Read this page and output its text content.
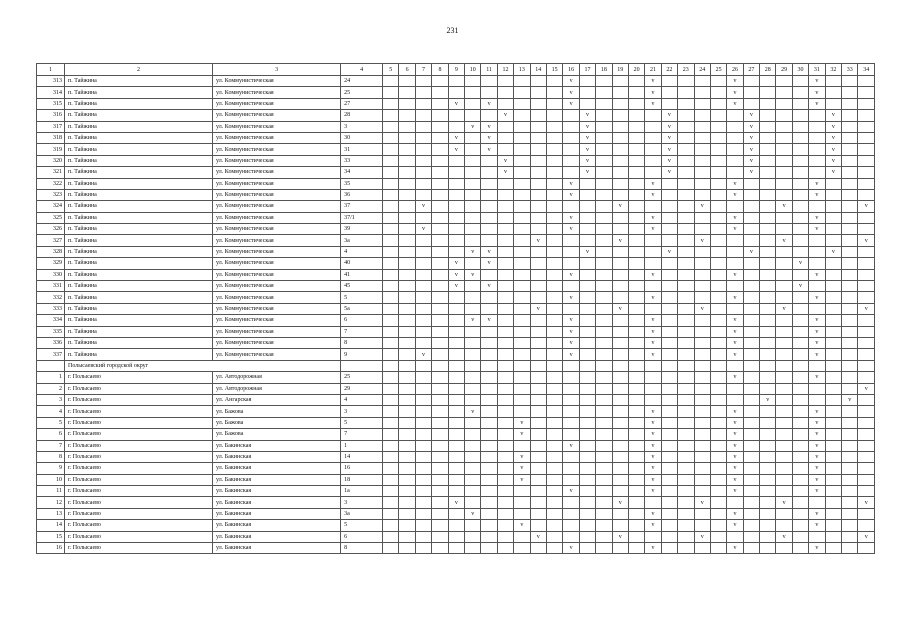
231
1	2	3	4	5	6	7	8	9	10	11	12	13	14	15	16	17	18	19	20	21	22	23	24	25	26	27	28	29	30	31	32	33	34
313	п. Тайжина	ул. Коммунистическая	24												v					v					v					v			
314	п. Тайжина	ул. Коммунистическая	25												v					v					v					v			
315	п. Тайжина	ул. Коммунистическая	27					v		v					v					v					v					v			
316	п. Тайжина	ул. Коммунистическая	28								v					v					v					v					v		
317	п. Тайжина	ул. Коммунистическая	3						v	v						v					v					v					v		
318	п. Тайжина	ул. Коммунистическая	30					v		v						v					v					v					v		
319	п. Тайжина	ул. Коммунистическая	31					v		v						v					v					v					v		
320	п. Тайжина	ул. Коммунистическая	33								v					v					v					v					v		
321	п. Тайжина	ул. Коммунистическая	34								v					v					v					v					v		
322	п. Тайжина	ул. Коммунистическая	35												v					v					v					v			
323	п. Тайжина	ул. Коммунистическая	36												v					v					v					v			
324	п. Тайжина	ул. Коммунистическая	37			v												v					v					v					v
325	п. Тайжина	ул. Коммунистическая	37/1												v					v					v					v			
326	п. Тайжина	ул. Коммунистическая	39			v									v					v					v					v			
327	п. Тайжина	ул. Коммунистическая	3а										v					v					v					v					v
328	п. Тайжина	ул. Коммунистическая	4						v	v						v					v					v					v		
329	п. Тайжина	ул. Коммунистическая	40					v		v																			v				
330	п. Тайжина	ул. Коммунистическая	41					v	v						v					v					v					v			
331	п. Тайжина	ул. Коммунистическая	45					v		v																			v				
332	п. Тайжина	ул. Коммунистическая	5												v					v					v					v			
333	п. Тайжина	ул. Коммунистическая	5а										v					v					v					v					v
334	п. Тайжина	ул. Коммунистическая	6						v	v					v					v					v					v			
335	п. Тайжина	ул. Коммунистическая	7												v					v					v					v			
336	п. Тайжина	ул. Коммунистическая	8												v					v					v					v			
337	п. Тайжина	ул. Коммунистическая	9			v									v					v					v					v			
	Полысаевский городской округ																																
1	г. Полысаево	ул. Автодорожная	25																						v					v			
2	г. Полысаево	ул. Автодорожная	29																														v
3	г. Полысаево	ул. Ангарская	4																								v					v	
4	г. Полысаево	ул. Бажова	3						v											v					v					v			
5	г. Полысаево	ул. Бажова	5									v								v					v					v			
6	г. Полысаево	ул. Бажова	7									v								v					v					v			
7	г. Полысаево	ул. Бакинская	1												v					v					v					v			
8	г. Полысаево	ул. Бакинская	14									v								v					v					v			
9	г. Полысаево	ул. Бакинская	16									v								v					v					v			
10	г. Полысаево	ул. Бакинская	18									v								v					v					v			
11	г. Полысаево	ул. Бакинская	1а												v					v					v					v			
12	г. Полысаево	ул. Бакинская	3					v										v					v					v					v
13	г. Полысаево	ул. Бакинская	3а						v											v					v					v			
14	г. Полысаево	ул. Бакинская	5									v								v					v					v			
15	г. Полысаево	ул. Бакинская	6										v					v					v					v					v
16	г. Полысаево	ул. Бакинская	8												v					v					v					v			
